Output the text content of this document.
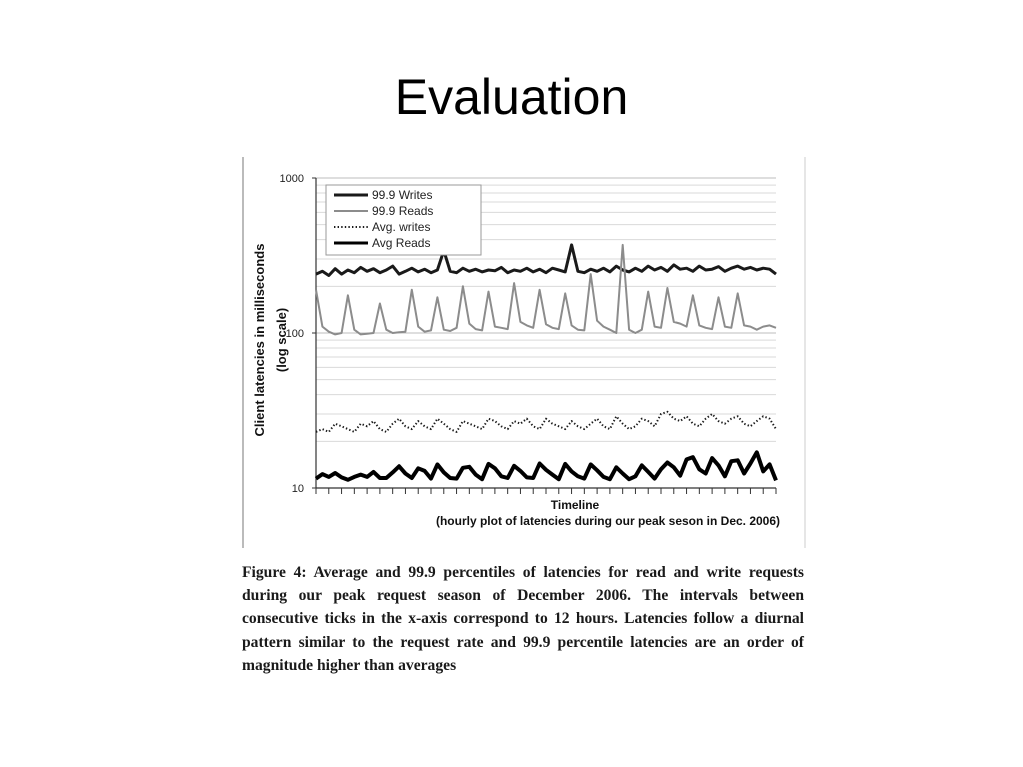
Evaluation
10
100
1000
99.9 Writes
99.9 Reads
Avg. writes
Avg Reads
Client latencies in milliseconds (log scale)
Timeline
(hourly plot of latencies during our peak seson in Dec. 2006)
Figure 4: Average and 99.9 percentiles of latencies for read and write requests during our peak request season of December 2006. The intervals between consecutive ticks in the x-axis correspond to 12 hours. Latencies follow a diurnal pattern similar to the request rate and 99.9 percentile latencies are an order of magnitude higher than averages
